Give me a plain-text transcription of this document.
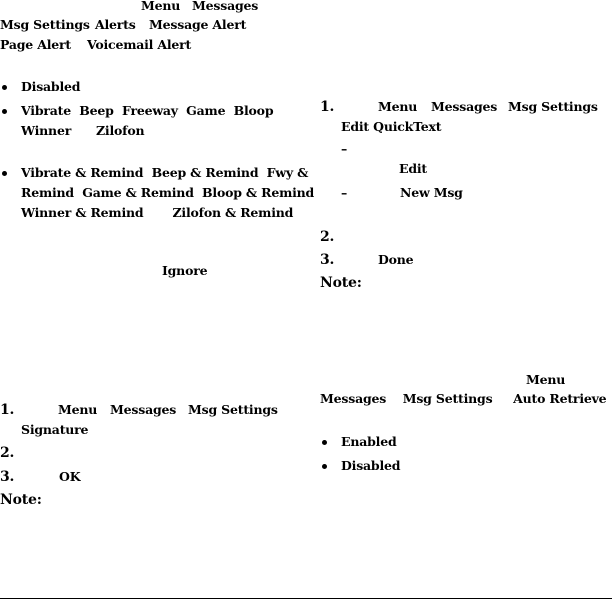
Menu Messages
Msg Settings Alerts Message Alert
Page Alert Voicemail Alert
Disabled
Vibrate  Beep  Freeway  Game  Bloop
Winner      Zilofon
Vibrate & Remind  Beep & Remind  Fwy &
Remind  Game & Remind  Bloop & Remind
Winner & Remind       Zilofon & Remind
Ignore
1.	Menu Messages Msg Settings
Signature
2.
3.	OK
Note:
1.	Menu Messages Msg Settings
Edit QuickText
–
Edit
–	New Msg
2.
3.	Done
Note:
Menu
Messages    Msg Settings     Auto Retrieve
Enabled
Disabled
